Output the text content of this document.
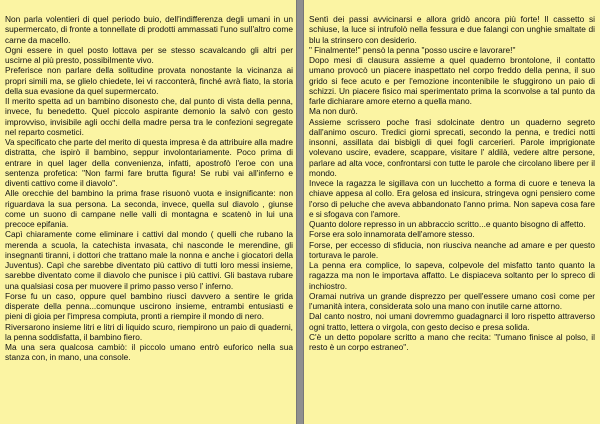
Non parla volentieri di quel periodo buio, dell'indifferenza degli umani in un supermercato, di fronte a tonnellate di prodotti ammassati l'uno sull'altro come carne da macello.

Ogni essere in quel posto lottava per se stesso scavalcando gli altri per uscirne al più presto, possibilmente vivo.

Preferisce non parlare della solitudine provata nonostante la vicinanza ai propri simili ma, se glielo chiedete, lei vi racconterà, finché avrà fiato, la storia della sua evasione da quel supermercato.

Il merito spetta ad un bambino disonesto che, dal punto di vista della penna, invece, fu benedetto. Quel piccolo aspirante demonio la salvò con gesto improvviso, invisibile agli occhi della madre persa tra le confezioni segregate nel reparto cosmetici.

Va specificato che parte del merito di questa impresa è da attribuire alla madre distratta, che ispirò il bambino, seppur involontariamente. Poco prima di entrare in quel lager della convenienza, infatti, apostrofò l'eroe con una sentenza profetica: "Non farmi fare brutta figura! Se rubi vai all'inferno e diventi cattivo come il diavolo".

Alle orecchie del bambino la prima frase risuonò vuota e insignificante: non riguardava la sua persona. La seconda, invece, quella sul diavolo , giunse come un suono di campane nelle valli di montagna e scatenò in lui una precoce epifania.

Capì chiaramente come eliminare i cattivi dal mondo ( quelli che rubano la merenda a scuola, la catechista invasata, chi nasconde le merendine, gli insegnanti tiranni, i dottori che trattano male la nonna e anche i giocatori della Juventus). Capì che sarebbe diventato più cattivo di tutti loro messi insieme, sarebbe diventato come il diavolo che punisce i più cattivi. Gli bastava rubare una qualsiasi cosa per muovere il primo passo verso l' inferno.

Forse fu un caso, oppure quel bambino riuscì davvero a sentire le grida disperate della penna...comunque uscirono insieme, entrambi entusiasti e pieni di gioia per l'impresa compiuta, pronti a riempire il mondo di nero.

Riversarono insieme litri e litri di liquido scuro, riempirono un paio di quaderni, la penna soddisfatta, il bambino fiero.

Ma una sera qualcosa cambiò: il piccolo umano entrò euforico nella sua stanza con, in mano, una console.

Sentì dei passi avvicinarsi e allora gridò ancora più forte! Il cassetto si schiuse, la luce si intrufolò nella fessura e due falangi con unghie smaltate di blu la strinsero con desiderio.

" Finalmente!" pensò la penna "posso uscire e lavorare!"

Dopo mesi di clausura assieme a quel quaderno brontolone, il contatto umano provocò un piacere inaspettato nel corpo freddo della penna, il suo grido si fece acuto e per l'emozione incontenibile le sfuggirono un paio di schizzi. Un piacere fisico mai sperimentato prima la sconvolse a tal punto da farle dichiarare amore eterno a quella mano.

Ma non durò.

Assieme scrissero poche frasi sdolcinate dentro un quaderno segreto dall'animo oscuro. Tredici giorni sprecati, secondo la penna, e tredici notti insonni, assillata dai bisbigli di quei fogli carcerieri. Parole imprigionate volevano uscire, evadere, scappare, visitare l' aldilà, vedere altre persone, parlare ad alta voce, confrontarsi con tutte le parole che circolano libere per il mondo.

Invece la ragazza le sigillava con un lucchetto a forma di cuore e teneva la chiave appesa al collo. Era gelosa ed insicura, stringeva ogni pensiero come l'orso di peluche che aveva abbandonato l'anno prima. Non sapeva cosa fare e si sfogava con l'amore.

Quanto dolore represso in un abbraccio scritto...e quanto bisogno di affetto.

Forse era solo innamorata dell'amore stesso.

Forse, per eccesso di sfiducia, non riusciva neanche ad amare e per questo torturava le parole.

La penna era complice, lo sapeva, colpevole del misfatto tanto quanto la ragazza ma non le importava affatto. Le dispiaceva soltanto per lo spreco di inchiostro.

Oramai nutriva un grande disprezzo per quell'essere umano così come per l'umanità intera, considerata solo una mano con inutile carne attorno.

Dal canto nostro, noi umani dovremmo guadagnarci il loro rispetto attraverso ogni tratto, lettera o virgola, con gesto deciso e presa solida.

C'è un detto popolare scritto a mano che recita: "l'umano finisce al polso, il resto è un corpo estraneo".
